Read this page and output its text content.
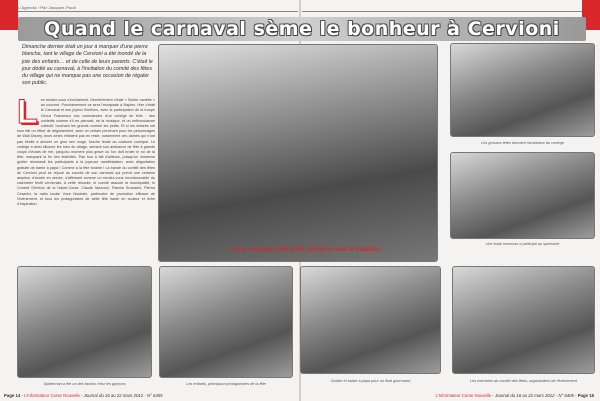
L'Agenda / Par Jacques Paoli
Quand le carnaval sème le bonheur à Cervioni
Dimanche dernier était un jour à marquer d'une pierre blanche, tant le village de Cervioni a été inondé de la joie des enfants… et de celle de leurs parents. C'était le jour dédié au carnaval, à l'invitation du comité des fêtes du village qui ne manque pas une occasion de régaler son public.
Les rendez-vous s'enchaînent. Dernièrement c'était « Soirée raclette » au couvent. Prochainement ce sera l'escapade à Naples. Hier c'était le Carnaval et ses joyeux flonflons, avec la participation de la troupe Circus Francesco aux commandes d'un cortège de folie : des confettis comme s'il en pleuvait, de la musique, et un enthousiasme collectif, touchant les grands comme les petits. Et si les enfants ont tous fait un effort de déguisement, avec un certain penchant pour les personnages de Walt Disney, leurs aînés n'étaient pas en reste, notamment ces dames qui n'ont pas hésité à arborer un gros nez rouge, touche finale au costume comique. Le cortège a ainsi sillonné les rues du village, semant son ambiance de fête à grands coups d'éclats de rire, jusqu'au moment plus grave où l'on doit brûler le roi de la fête, marquant la fin des festivités. Pas tout à fait d'ailleurs, puisqu'un immense goûter réunissait les participants à la joyeuse manifestation, avec dégustation gratuite de barbe à papa ! Comme à la fête foraine ! La bande du comité des fêtes de Cervioni peut se réjouir du succès de son carnaval qui prend une certaine ampleur d'année en année, s'affirmant comme un rendez-vous incontournable du calendrier festif cervionais. A cette réussite, le comité associe la municipalité, le Conseil Général de la Haute-Corse, Claude Mazzoni, Francis Suzzarini, Pierrot Cesarini, la radio locale Voce Nustrale, partenaire de promotion efficace de l'événement, et tous les protagonistes de cette fête haute en couleur et riche d'inspiration.
Le roi carnaval a été brûlé comme le veut la tradition
Les grosses têtes donnent l'ambiance du cortège
Une foule immense a participé au spectacle
Spiderman a été un des favoris chez les garçons	Les enfants, principaux protagonistes de la fête
Goûter et barbe à papa pour un final gourmand	Les membres du comité des fêtes, organisateur de l'événement
Page 14 - L'Informateur Corse Nouvelle - Journal du 16 au 22 mars 2012 - N° 6405	L'Informateur Corse Nouvelle - Journal du 16 au 22 mars 2012 - N° 6405 - Page 15
